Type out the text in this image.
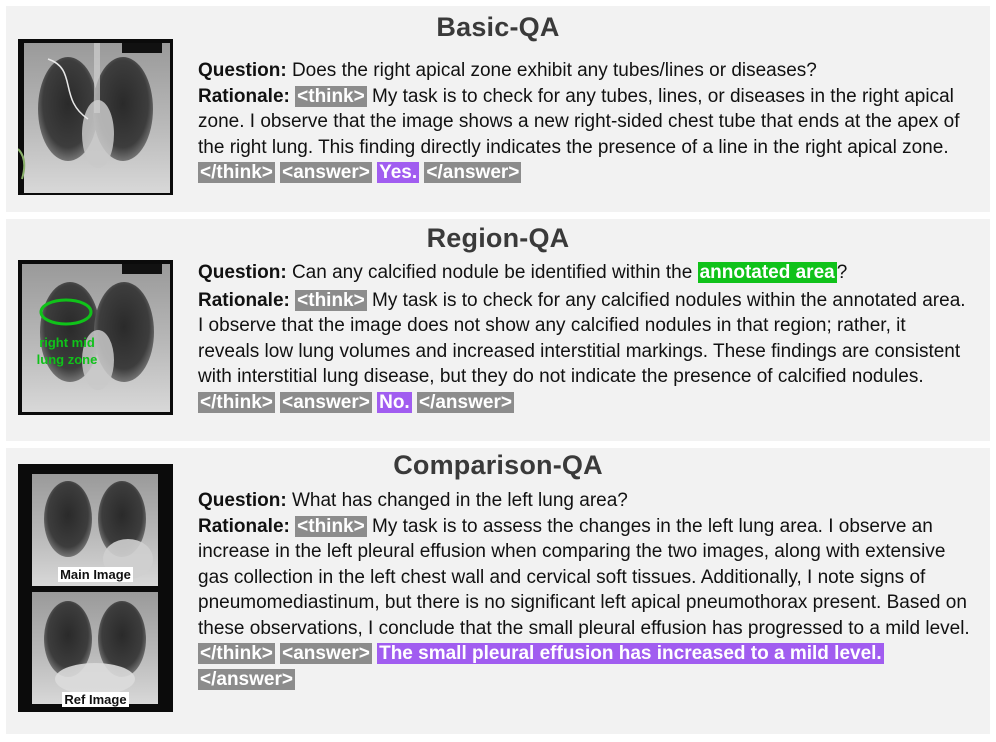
Basic-QA

Question: Does the right apical zone exhibit any tubes/lines or diseases?

Rationale: <think> My task is to check for any tubes, lines, or diseases in the right apical zone. I observe that the image shows a new right-sided chest tube that ends at the apex of the right lung. This finding directly indicates the presence of a line in the right apical zone. </think> <answer> Yes. </answer>

Region-QA
right mid lung zone

Question: Can any calcified nodule be identified within the annotated area ?

Rationale: <think> My task is to check for any calcified nodules within the annotated area. I observe that the image does not show any calcified nodules in that region; rather, it reveals low lung volumes and increased interstitial markings. These findings are consistent with interstitial lung disease, but they do not indicate the presence of calcified nodules. </think> <answer> No. </answer>

Comparison-QA
Main Image
Ref Image

Question: What has changed in the left lung area?

Rationale: <think> My task is to assess the changes in the left lung area. I observe an increase in the left pleural effusion when comparing the two images, along with extensive gas collection in the left chest wall and cervical soft tissues. Additionally, I note signs of pneumomediastinum, but there is no significant left apical pneumothorax present. Based on these observations, I conclude that the small pleural effusion has progressed to a mild level. </think> <answer> The small pleural effusion has increased to a mild level. </answer>
